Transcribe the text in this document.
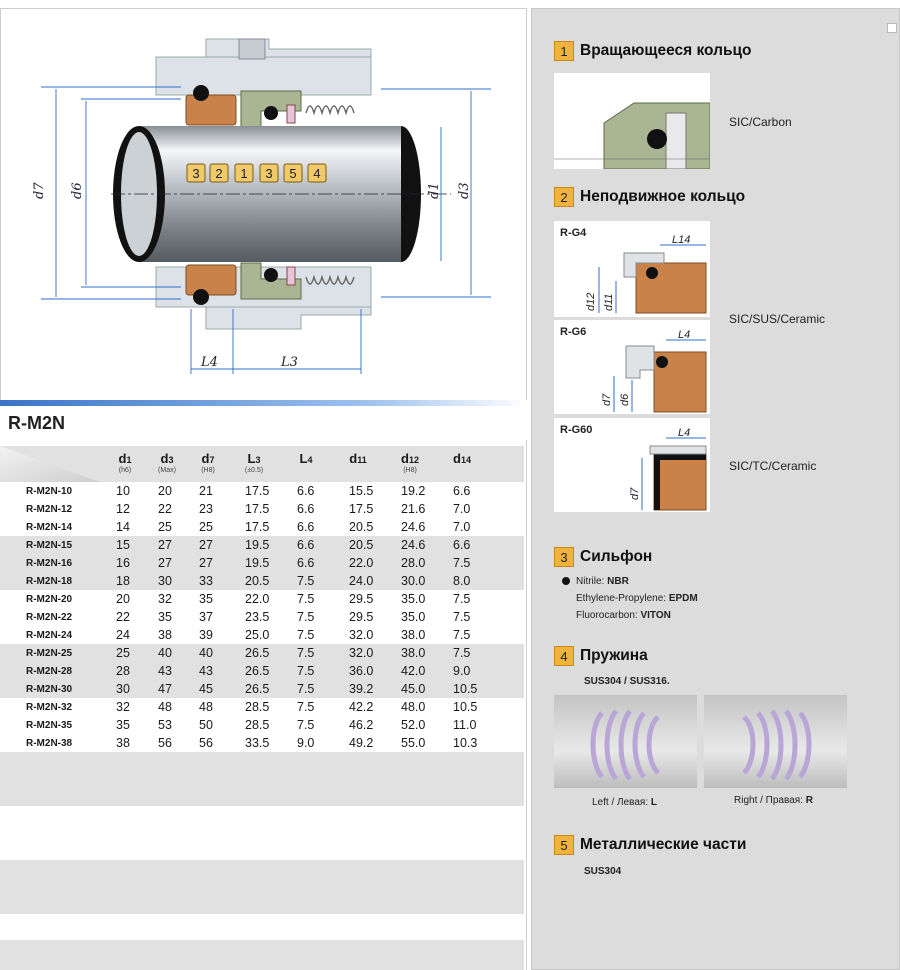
d7 d6	d1 d3
L4	L3
3 2 1 3 5 4
R-M2N
d1
(h6)
d3
(Max)
d7
(H8)
L3
(±0.5)
L4	d11	d12
(H8)
d14
R-M2N-10	10 20 21	17.5 6.6	15.5 19.2 6.6
R-M2N-12	12 22 23	17.5 6.6	17.5 21.6 7.0
R-M2N-14	14 25 25	17.5 6.6	20.5 24.6 7.0
R-M2N-15	15 27 27	19.5 6.6	20.5 24.6 6.6
R-M2N-16	16 27 27	19.5 6.6	22.0 28.0 7.5
R-M2N-18	18 30 33	20.5 7.5	24.0 30.0 8.0
R-M2N-20	20 32 35	22.0 7.5	29.5 35.0 7.5
R-M2N-22	22 35 37	23.5 7.5	29.5 35.0 7.5
R-M2N-24	24 38 39	25.0 7.5	32.0 38.0 7.5
R-M2N-25	25 40 40	26.5 7.5	32.0 38.0 7.5
R-M2N-28	28 43 43	26.5 7.5	36.0 42.0 9.0
R-M2N-30	30 47 45	26.5 7.5	39.2 45.0 10.5
R-M2N-32	32 48 48	28.5 7.5	42.2 48.0 10.5
R-M2N-35	35 53 50	28.5 7.5	46.2 52.0 11.0
R-M2N-38	38 56 56	33.5 9.0	49.2 55.0 10.3
1 Вращающееся кольцо
SIC/Carbon
2 Неподвижное кольцо
R-G4
L14
d12 d11
R-G6	L4
d7 d6
R-G60	L4
d7
SIC/SUS/Ceramic
SIC/TC/Ceramic
3 Сильфон
Nitrile: NBR
Ethylene-Propylene: EPDM
Fluorocarbon: VITON
4 Пружина
SUS304 / SUS316.
Left / Левая: L	Right / Правая: R
5 Металлические части
SUS304
